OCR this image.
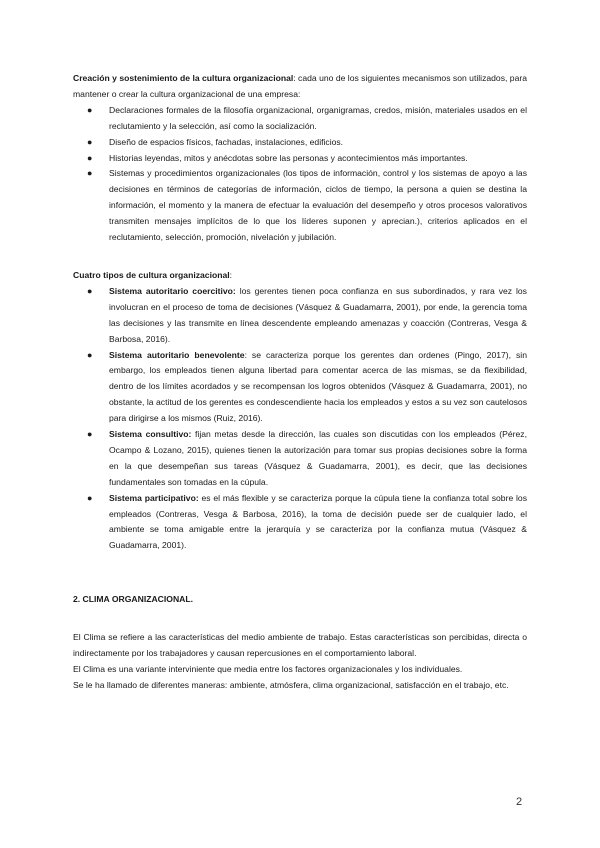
Creación y sostenimiento de la cultura organizacional: cada uno de los siguientes mecanismos son utilizados, para mantener o crear la cultura organizacional de una empresa:

● Declaraciones formales de la filosofía organizacional, organigramas, credos, misión, materiales usados en el reclutamiento y la selección, así como la socialización.
● Diseño de espacios físicos, fachadas, instalaciones, edificios.
● Historias leyendas, mitos y anécdotas sobre las personas y acontecimientos más importantes.
● Sistemas y procedimientos organizacionales (los tipos de información, control y los sistemas de apoyo a las decisiones en términos de categorías de información, ciclos de tiempo, la persona a quien se destina la información, el momento y la manera de efectuar la evaluación del desempeño y otros procesos valorativos transmiten mensajes implícitos de lo que los líderes suponen y aprecian.), criterios aplicados en el reclutamiento, selección, promoción, nivelación y jubilación.

Cuatro tipos de cultura organizacional:

● Sistema autoritario coercitivo: los gerentes tienen poca confianza en sus subordinados, y rara vez los involucran en el proceso de toma de decisiones (Vásquez & Guadamarra, 2001), por ende, la gerencia toma las decisiones y las transmite en línea descendente empleando amenazas y coacción (Contreras, Vesga & Barbosa, 2016).
● Sistema autoritario benevolente: se caracteriza porque los gerentes dan ordenes (Pingo, 2017), sin embargo, los empleados tienen alguna libertad para comentar acerca de las mismas, se da flexibilidad, dentro de los límites acordados y se recompensan los logros obtenidos (Vásquez & Guadamarra, 2001), no obstante, la actitud de los gerentes es condescendiente hacia los empleados y estos a su vez son cautelosos para dirigirse a los mismos (Ruiz, 2016).
● Sistema consultivo: fijan metas desde la dirección, las cuales son discutidas con los empleados (Pérez, Ocampo & Lozano, 2015), quienes tienen la autorización para tomar sus propias decisiones sobre la forma en la que desempeñan sus tareas (Vásquez & Guadamarra, 2001), es decir, que las decisiones fundamentales son tomadas en la cúpula.
● Sistema participativo: es el más flexible y se caracteriza porque la cúpula tiene la confianza total sobre los empleados (Contreras, Vesga & Barbosa, 2016), la toma de decisión puede ser de cualquier lado, el ambiente se toma amigable entre la jerarquía y se caracteriza por la confianza mutua (Vásquez & Guadamarra, 2001).

2. CLIMA ORGANIZACIONAL.

El Clima se refiere a las características del medio ambiente de trabajo. Estas características son percibidas, directa o indirectamente por los trabajadores y causan repercusiones en el comportamiento laboral.

El Clima es una variante interviniente que media entre los factores organizacionales y los individuales.

Se le ha llamado de diferentes maneras: ambiente, atmósfera, clima organizacional, satisfacción en el trabajo, etc.

2
